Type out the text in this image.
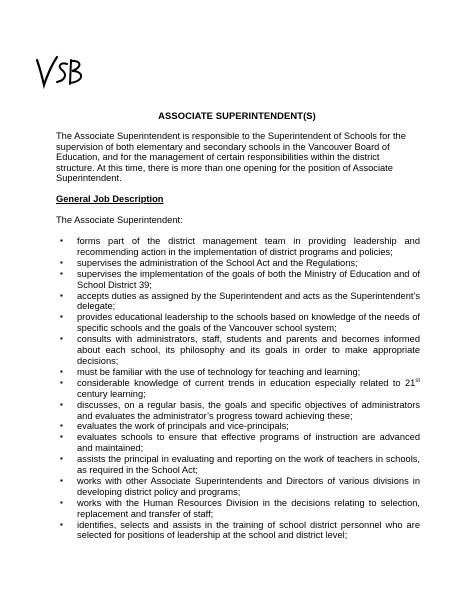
ASSOCIATE SUPERINTENDENT(S)
The Associate Superintendent is responsible to the Superintendent of Schools for the supervision of both elementary and secondary schools in the Vancouver Board of Education, and for the management of certain responsibilities within the district structure. At this time, there is more than one opening for the position of Associate Superintendent.
General Job Description
The Associate Superintendent:
▪ forms part of the district management team in providing leadership and recommending action in the implementation of district programs and policies;
▪ supervises the administration of the School Act and the Regulations;
▪ supervises the implementation of the goals of both the Ministry of Education and of School District 39;
▪ accepts duties as assigned by the Superintendent and acts as the Superintendent’s delegate;
▪ provides educational leadership to the schools based on knowledge of the needs of specific schools and the goals of the Vancouver school system;
▪ consults with administrators, staff, students and parents and becomes informed about each school, its philosophy and its goals in order to make appropriate decisions;
▪ must be familiar with the use of technology for teaching and learning;
▪ considerable knowledge of current trends in education especially related to 21st century learning;
▪ discusses, on a regular basis, the goals and specific objectives of administrators and evaluates the administrator’s progress toward achieving these;
▪ evaluates the work of principals and vice-principals;
▪ evaluates schools to ensure that effective programs of instruction are advanced and maintained;
▪ assists the principal in evaluating and reporting on the work of teachers in schools, as required in the School Act;
▪ works with other Associate Superintendents and Directors of various divisions in developing district policy and programs;
▪ works with the Human Resources Division in the decisions relating to selection, replacement and transfer of staff;
▪ identifies, selects and assists in the training of school district personnel who are selected for positions of leadership at the school and district level;
